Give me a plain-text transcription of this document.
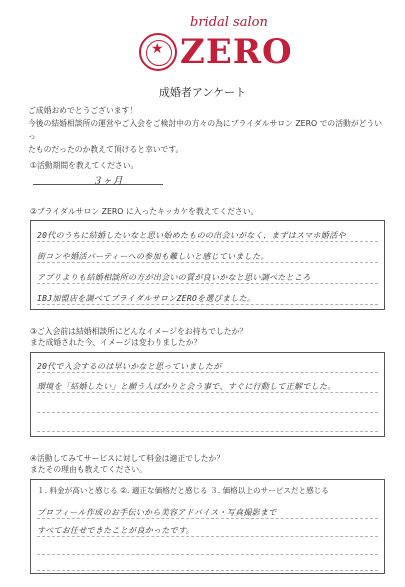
★
bridal salon
ZERO
成婚者アンケート
ご成婚おめでとうございます！
今後の結婚相談所の運営やご入会をご検討中の方々の為にブライダルサロン ZERO での活動がどういっ
たものだったのか教えて頂けると幸いです。
①活動期間を教えてください。
３ヶ月
②ブライダルサロン ZERO に入ったキッカケを教えてください。
20代のうちに結婚したいなと思い始めたものの出会いがなく、まずはスマホ婚活や
街コンや婚活パーティーへの参加も難しいと感じていました。
アプリよりも結婚相談所の方が出会いの質が良いかなと思い調べたところ
IBJ加盟店を調べてブライダルサロンZEROを選びました。
③ご入会前は結婚相談所にどんなイメージをお持ちでしたか？
また成婚された今、イメージは変わりましたか？
20代で入会するのは早いかなと思っていましたが
環境を「結婚したい」と願う人ばかりと会う事で、すぐに行動して正解でした。
④活動してみてサービスに対して料金は適正でしたか？
またその理由も教えてください。
１. 料金が高いと感じる ②. 適正な価格だと感じる ３. 価格以上のサービスだと感じる
プロフィール作成のお手伝いから美容アドバイス・写真撮影まで
すべてお任せできたことが良かったです。
